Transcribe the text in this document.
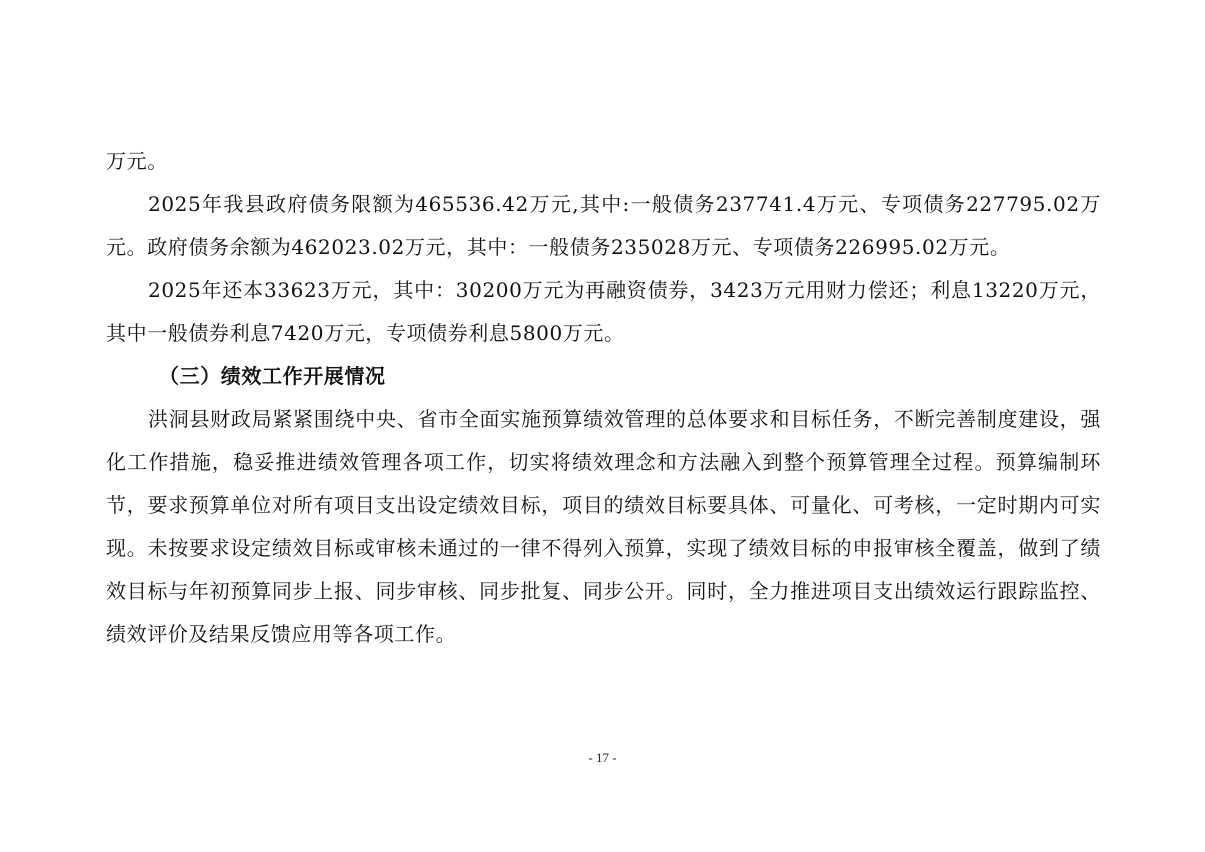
万元。

2025年我县政府债务限额为465536.42万元,其中:一般债务237741.4万元、专项债务227795.02万元。政府债务余额为462023.02万元，其中：一般债务235028万元、专项债务226995.02万元。

2025年还本33623万元，其中：30200万元为再融资债券，3423万元用财力偿还；利息13220万元，其中一般债券利息7420万元，专项债券利息5800万元。

（三）绩效工作开展情况

洪洞县财政局紧紧围绕中央、省市全面实施预算绩效管理的总体要求和目标任务，不断完善制度建设，强化工作措施，稳妥推进绩效管理各项工作，切实将绩效理念和方法融入到整个预算管理全过程。预算编制环节，要求预算单位对所有项目支出设定绩效目标，项目的绩效目标要具体、可量化、可考核，一定时期内可实现。未按要求设定绩效目标或审核未通过的一律不得列入预算，实现了绩效目标的申报审核全覆盖，做到了绩效目标与年初预算同步上报、同步审核、同步批复、同步公开。同时，全力推进项目支出绩效运行跟踪监控、绩效评价及结果反馈应用等各项工作。

- 17 -
